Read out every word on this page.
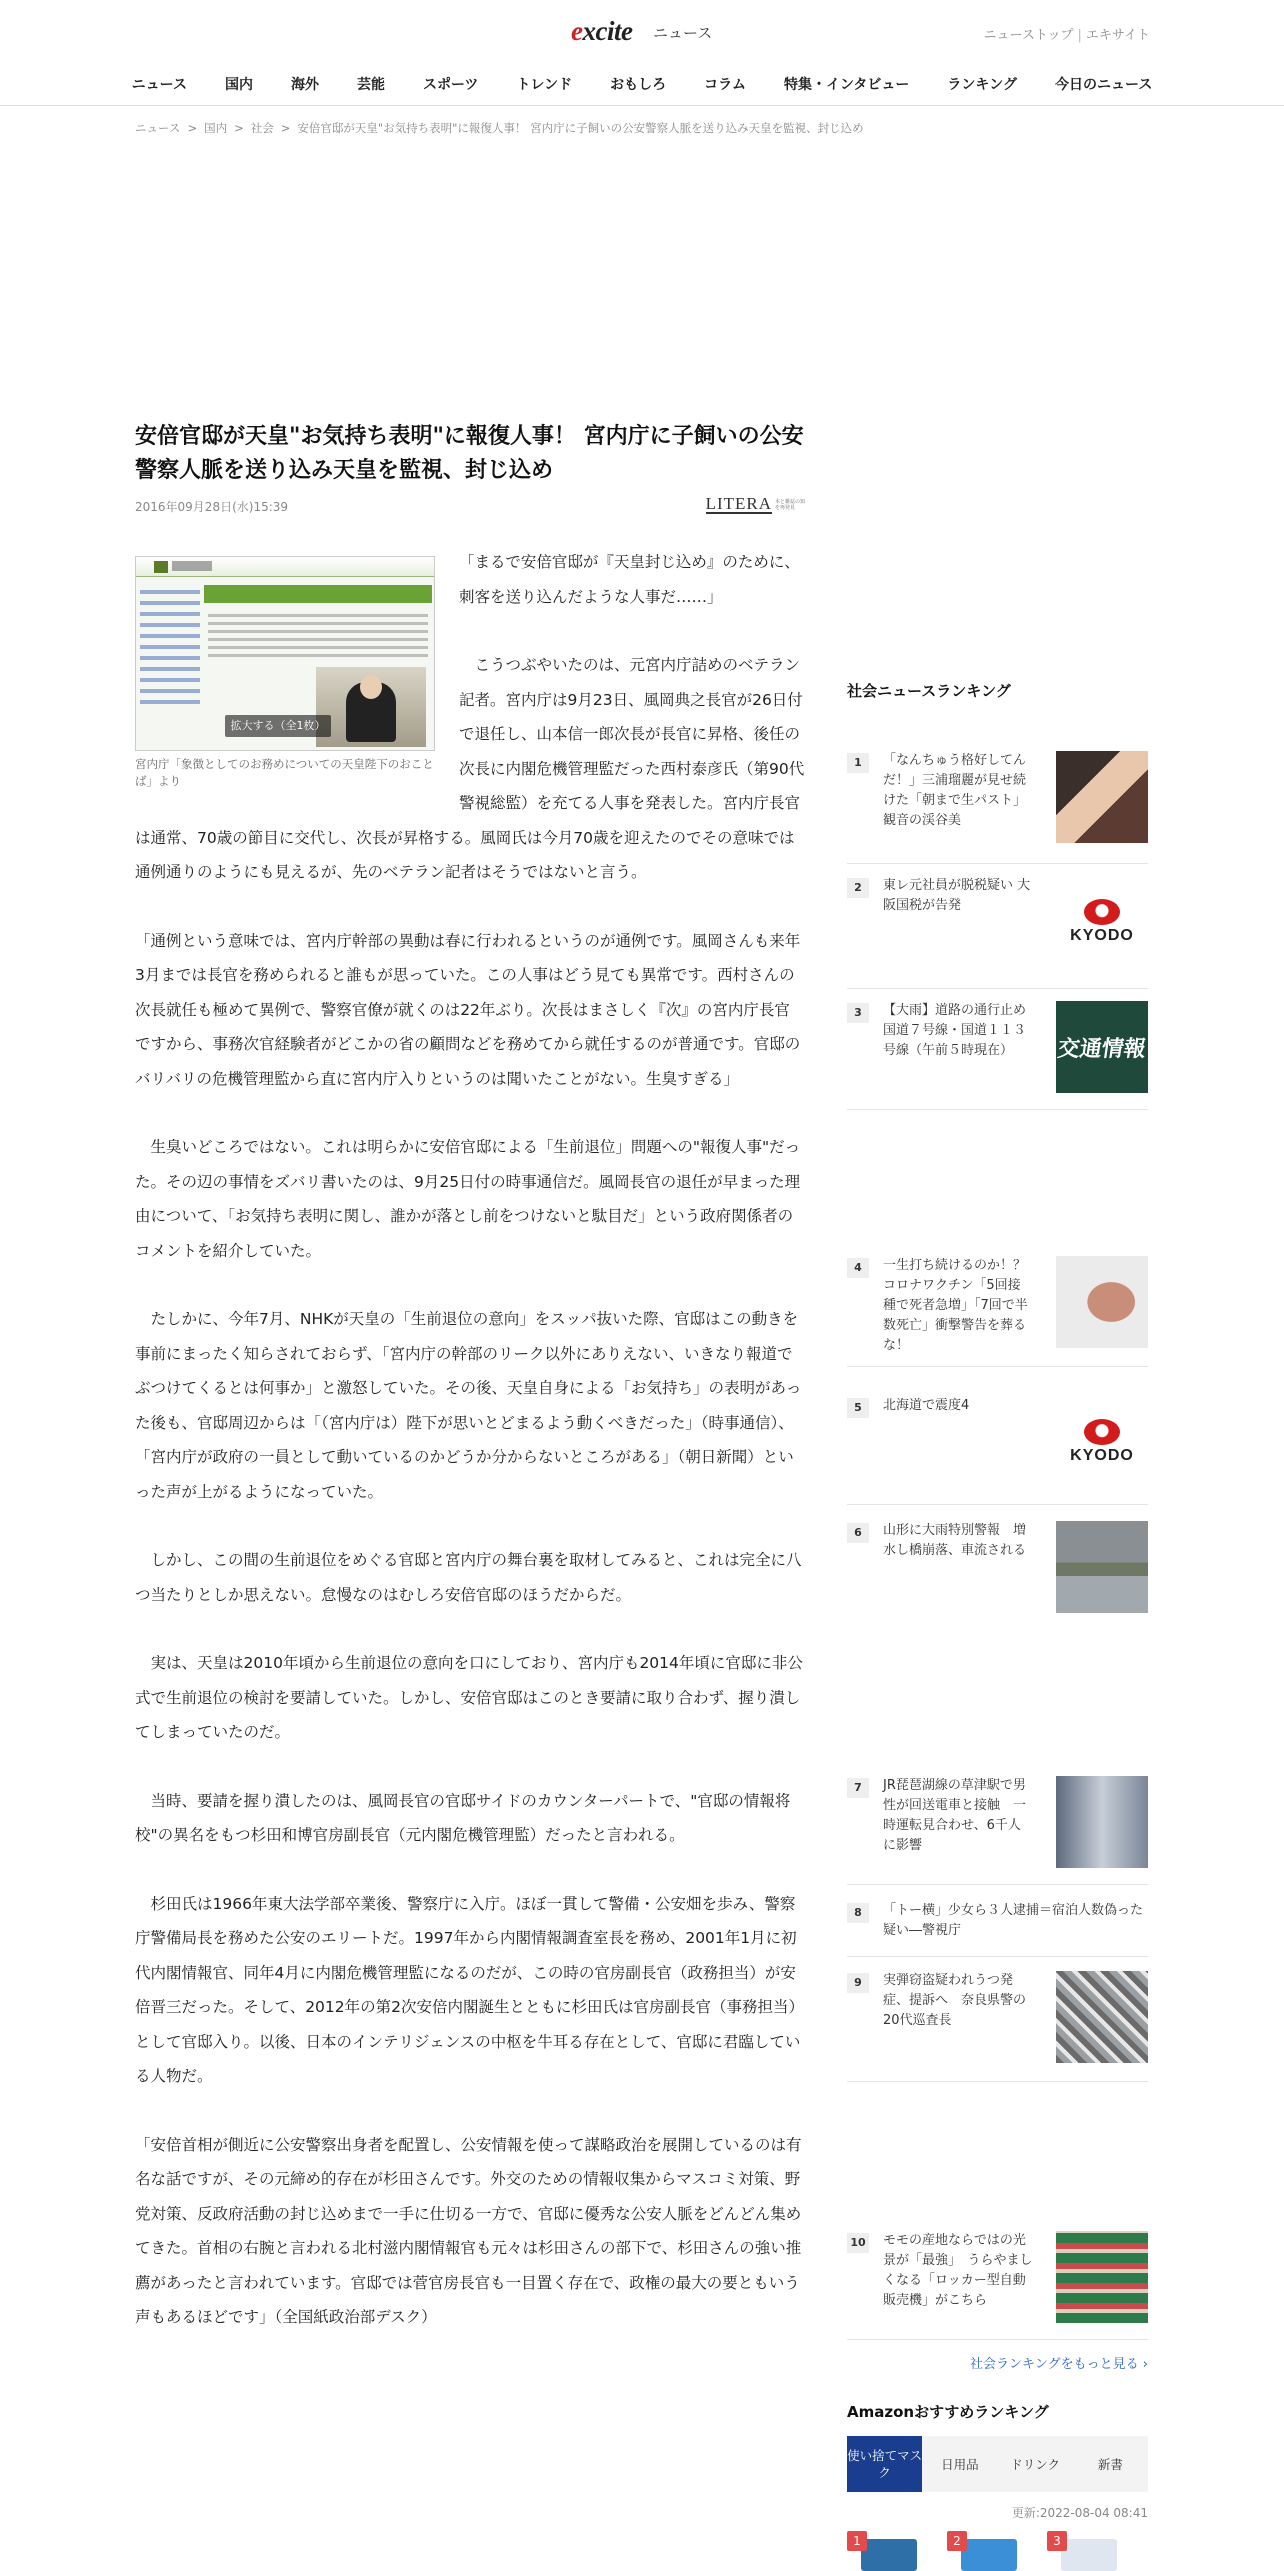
excite ニュース	ニューストップ | エキサイト
ニュース	国内	海外	芸能	スポーツ	トレンド	おもしろ	コラム	特集・インタビュー	ランキング	今日のニュース
ニュース > 国内 > 社会 > 安倍官邸が天皇"お気持ち表明"に報復人事！ 宮内庁に子飼いの公安警察人脈を送り込み天皇を監視、封じ込め
安倍官邸が天皇"お気持ち表明"に報復人事！ 宮内庁に子飼いの公安警察人脈を送り込み天皇を監視、封じ込め
2016年09月28日(水)15:39	LITERA 本と雑誌の知を再発見
拡大する（全1枚）
宮内庁「象徴としてのお務めについての天皇陛下のおことば」より

「まるで安倍官邸が『天皇封じ込め』のために、刺客を送り込んだような人事だ……」

　こうつぶやいたのは、元宮内庁詰めのベテラン記者。宮内庁は9月23日、風岡典之長官が26日付で退任し、山本信一郎次長が長官に昇格、後任の次長に内閣危機管理監だった西村泰彦氏（第90代警視総監）を充てる人事を発表した。宮内庁長官は通常、70歳の節目に交代し、次長が昇格する。風岡氏は今月70歳を迎えたのでその意味では通例通りのようにも見えるが、先のベテラン記者はそうではないと言う。

「通例という意味では、宮内庁幹部の異動は春に行われるというのが通例です。風岡さんも来年3月までは長官を務められると誰もが思っていた。この人事はどう見ても異常です。西村さんの次長就任も極めて異例で、警察官僚が就くのは22年ぶり。次長はまさしく『次』の宮内庁長官ですから、事務次官経験者がどこかの省の顧問などを務めてから就任するのが普通です。官邸のバリバリの危機管理監から直に宮内庁入りというのは聞いたことがない。生臭すぎる」

　生臭いどころではない。これは明らかに安倍官邸による「生前退位」問題への"報復人事"だった。その辺の事情をズバリ書いたのは、9月25日付の時事通信だ。風岡長官の退任が早まった理由について、「お気持ち表明に関し、誰かが落とし前をつけないと駄目だ」という政府関係者のコメントを紹介していた。

　たしかに、今年7月、NHKが天皇の「生前退位の意向」をスッパ抜いた際、官邸はこの動きを事前にまったく知らされておらず、「宮内庁の幹部のリーク以外にありえない、いきなり報道でぶつけてくるとは何事か」と激怒していた。その後、天皇自身による「お気持ち」の表明があった後も、官邸周辺からは「（宮内庁は）陛下が思いとどまるよう動くべきだった」（時事通信）、「宮内庁が政府の一員として動いているのかどうか分からないところがある」（朝日新聞）といった声が上がるようになっていた。

　しかし、この間の生前退位をめぐる官邸と宮内庁の舞台裏を取材してみると、これは完全に八つ当たりとしか思えない。怠慢なのはむしろ安倍官邸のほうだからだ。

　実は、天皇は2010年頃から生前退位の意向を口にしており、宮内庁も2014年頃に官邸に非公式で生前退位の検討を要請していた。しかし、安倍官邸はこのとき要請に取り合わず、握り潰してしまっていたのだ。

　当時、要請を握り潰したのは、風岡長官の官邸サイドのカウンターパートで、"官邸の情報将校"の異名をもつ杉田和博官房副長官（元内閣危機管理監）だったと言われる。

　杉田氏は1966年東大法学部卒業後、警察庁に入庁。ほぼ一貫して警備・公安畑を歩み、警察庁警備局長を務めた公安のエリートだ。1997年から内閣情報調査室長を務め、2001年1月に初代内閣情報官、同年4月に内閣危機管理監になるのだが、この時の官房副長官（政務担当）が安倍晋三だった。そして、2012年の第2次安倍内閣誕生とともに杉田氏は官房副長官（事務担当）として官邸入り。以後、日本のインテリジェンスの中枢を牛耳る存在として、官邸に君臨している人物だ。

「安倍首相が側近に公安警察出身者を配置し、公安情報を使って謀略政治を展開しているのは有名な話ですが、その元締め的存在が杉田さんです。外交のための情報収集からマスコミ対策、野党対策、反政府活動の封じ込めまで一手に仕切る一方で、官邸に優秀な公安人脈をどんどん集めてきた。首相の右腕と言われる北村滋内閣情報官も元々は杉田さんの部下で、杉田さんの強い推薦があったと言われています。官邸では菅官房長官も一目置く存在で、政権の最大の要ともいう声もあるほどです」（全国紙政治部デスク）

社会ニュースランキング
1	「なんちゅう格好してんだ！」三浦瑠麗が見せ続けた「朝まで生パスト」 観音の渓谷美
2	東レ元社員が脱税疑い 大阪国税が告発
KYODO
3	【大雨】道路の通行止め 国道７号線・国道１１３号線（午前５時現在）	交通情報
4	一生打ち続けるのか！？コロナワクチン「5回接種で死者急増」「7回で半数死亡」衝撃警告を葬るな！
5	北海道で震度4
KYODO
6	山形に大雨特別警報　増水し橋崩落、車流される
7	JR琵琶湖線の草津駅で男性が回送電車と接触　一時運転見合わせ、6千人に影響
8	「トー横」少女ら３人逮捕＝宿泊人数偽った疑い―警視庁
9	実弾窃盗疑われうつ発症、提訴へ　奈良県警の20代巡査長
10 モモの産地ならではの光景が「最強」　うらやましくなる「ロッカー型自動販売機」がこちら
社会ランキングをもっと見る ›
Amazonおすすめランキング
使い捨てマスク
日用品	ドリンク	新書
更新:2022-08-04 08:41
1	2	3
